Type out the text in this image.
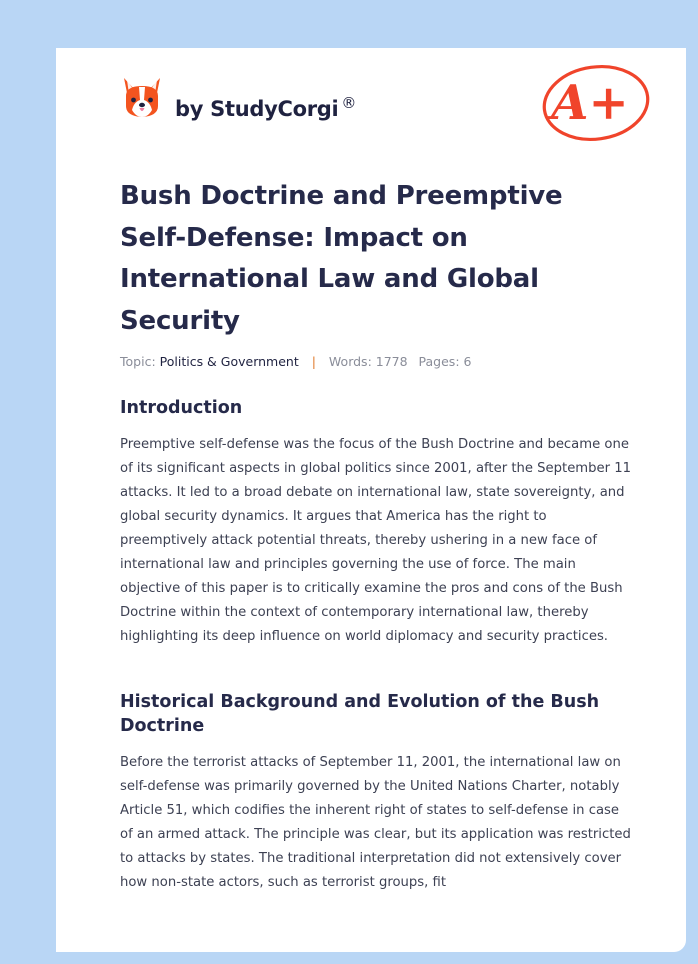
by StudyCorgi ®	A+
Bush Doctrine and Preemptive Self-Defense: Impact on International Law and Global Security
Topic: Politics & Government | Words: 1778 Pages: 6
Introduction

Preemptive self-defense was the focus of the Bush Doctrine and became one of its significant aspects in global politics since 2001, after the September 11 attacks. It led to a broad debate on international law, state sovereignty, and global security dynamics. It argues that America has the right to preemptively attack potential threats, thereby ushering in a new face of international law and principles governing the use of force. The main objective of this paper is to critically examine the pros and cons of the Bush Doctrine within the context of contemporary international law, thereby highlighting its deep influence on world diplomacy and security practices.

Historical Background and Evolution of the Bush Doctrine

Before the terrorist attacks of September 11, 2001, the international law on self-defense was primarily governed by the United Nations Charter, notably Article 51, which codifies the inherent right of states to self-defense in case of an armed attack. The principle was clear, but its application was restricted to attacks by states. The traditional interpretation did not extensively cover how non-state actors, such as terrorist groups, fit
